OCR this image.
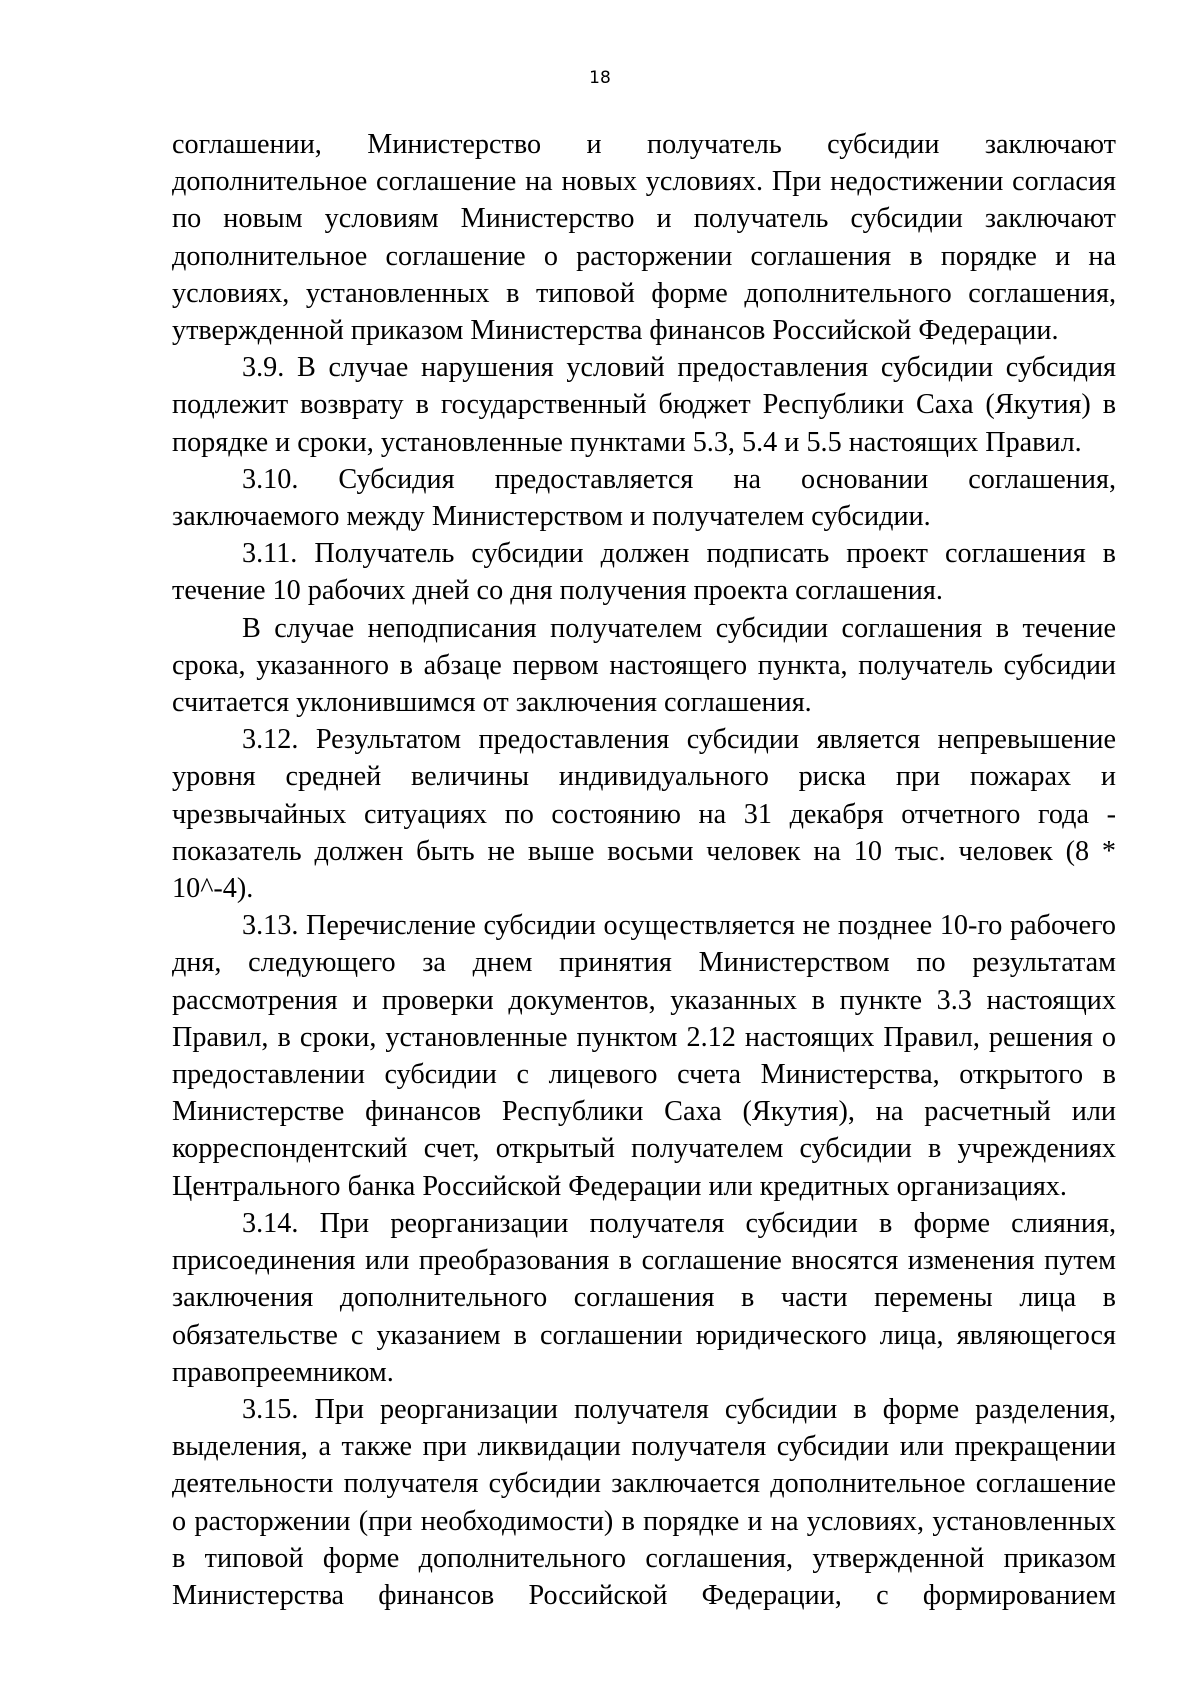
18

соглашении, Министерство и получатель субсидии заключают дополнительное соглашение на новых условиях. При недостижении согласия по новым условиям Министерство и получатель субсидии заключают дополнительное соглашение о расторжении соглашения в порядке и на условиях, установленных в типовой форме дополнительного соглашения, утвержденной приказом Министерства финансов Российской Федерации.

3.9. В случае нарушения условий предоставления субсидии субсидия подлежит возврату в государственный бюджет Республики Саха (Якутия) в порядке и сроки, установленные пунктами 5.3, 5.4 и 5.5 настоящих Правил.

3.10. Субсидия предоставляется на основании соглашения, заключаемого между Министерством и получателем субсидии.

3.11. Получатель субсидии должен подписать проект соглашения в течение 10 рабочих дней со дня получения проекта соглашения.

В случае неподписания получателем субсидии соглашения в течение срока, указанного в абзаце первом настоящего пункта, получатель субсидии считается уклонившимся от заключения соглашения.

3.12. Результатом предоставления субсидии является непревышение уровня средней величины индивидуального риска при пожарах и чрезвычайных ситуациях по состоянию на 31 декабря отчетного года - показатель должен быть не выше восьми человек на 10 тыс. человек (8 * 10^-4).

3.13. Перечисление субсидии осуществляется не позднее 10-го рабочего дня, следующего за днем принятия Министерством по результатам рассмотрения и проверки документов, указанных в пункте 3.3 настоящих Правил, в сроки, установленные пунктом 2.12 настоящих Правил, решения о предоставлении субсидии с лицевого счета Министерства, открытого в Министерстве финансов Республики Саха (Якутия), на расчетный или корреспондентский счет, открытый получателем субсидии в учреждениях Центрального банка Российской Федерации или кредитных организациях.

3.14. При реорганизации получателя субсидии в форме слияния, присоединения или преобразования в соглашение вносятся изменения путем заключения дополнительного соглашения в части перемены лица в обязательстве с указанием в соглашении юридического лица, являющегося правопреемником.

3.15. При реорганизации получателя субсидии в форме разделения, выделения, а также при ликвидации получателя субсидии или прекращении деятельности получателя субсидии заключается дополнительное соглашение о расторжении (при необходимости) в порядке и на условиях, установленных в типовой форме дополнительного соглашения, утвержденной приказом Министерства финансов Российской Федерации, с формированием
